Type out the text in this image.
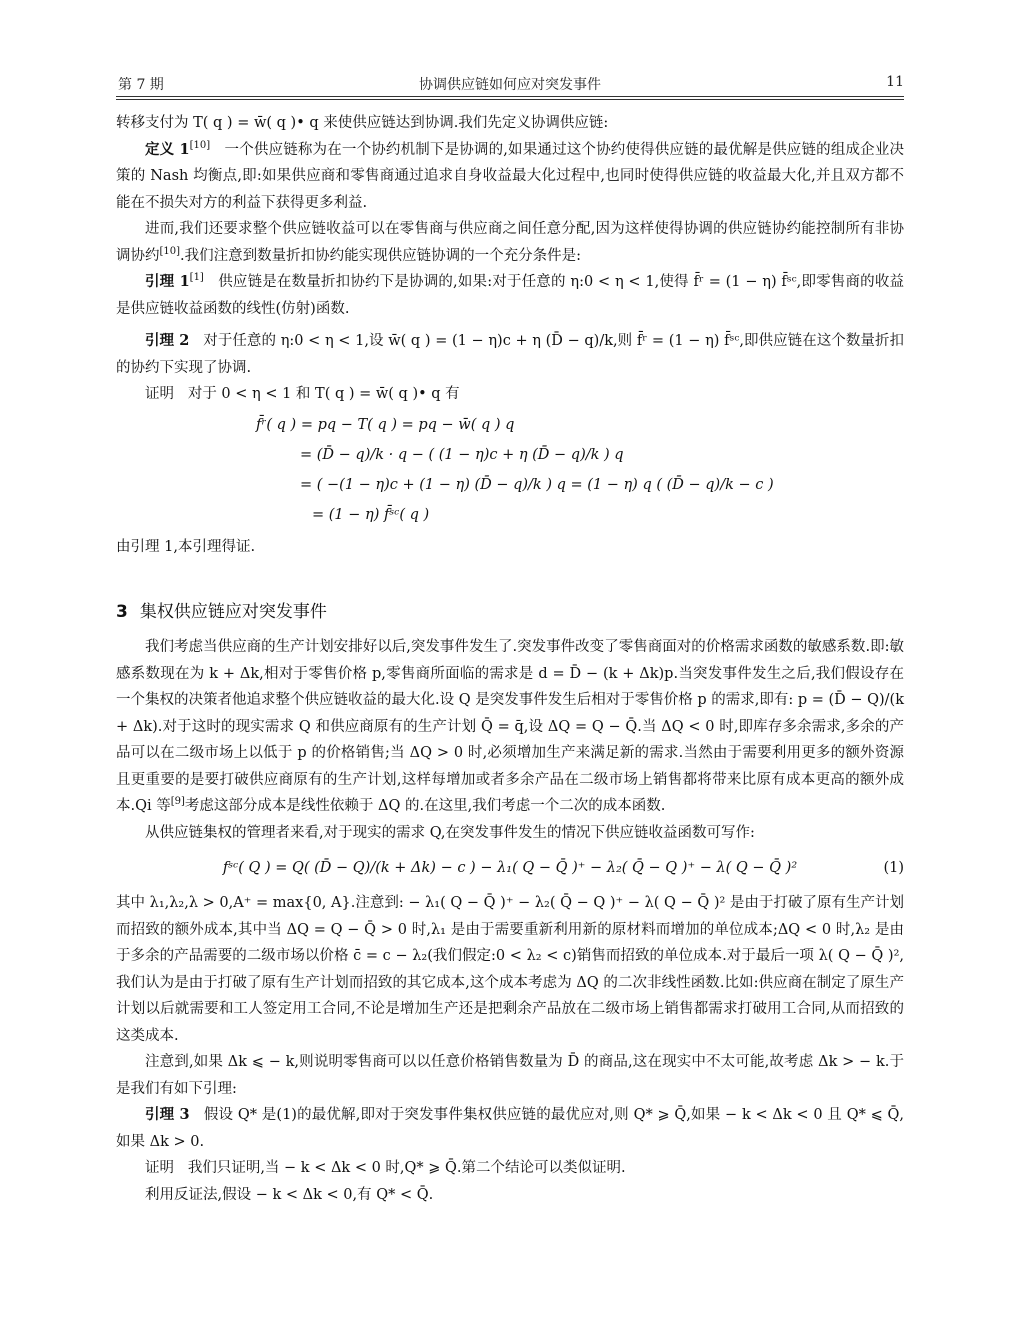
第 7 期	协调供应链如何应对突发事件	11

转移支付为 T( q ) = w̄( q )• q 来使供应链达到协调.我们先定义协调供应链:

定义 1[10] 一个供应链称为在一个协约机制下是协调的,如果通过这个协约使得供应链的最优解是供应链的组成企业决策的 Nash 均衡点,即:如果供应商和零售商通过追求自身收益最大化过程中,也同时使得供应链的收益最大化,并且双方都不能在不损失对方的利益下获得更多利益.

进而,我们还要求整个供应链收益可以在零售商与供应商之间任意分配,因为这样使得协调的供应链协约能控制所有非协调协约[10].我们注意到数量折扣协约能实现供应链协调的一个充分条件是:

引理 1[1] 供应链是在数量折扣协约下是协调的,如果:对于任意的 η:0 < η < 1,使得 f̄ʳ = (1 − η) f̄ˢᶜ,即零售商的收益是供应链收益函数的线性(仿射)函数.

引理 2 对于任意的 η:0 < η < 1,设 w̄( q ) = (1 − η)c + η (D̄ − q)/k,则 f̄ʳ = (1 − η) f̄ˢᶜ,即供应链在这个数量折扣的协约下实现了协调.

证明 对于 0 < η < 1 和 T( q ) = w̄( q )• q 有

f̄ʳ( q ) = pq − T( q ) = pq − w̄( q ) q
= (D̄ − q)/k · q − ( (1 − η)c + η (D̄ − q)/k ) q
= ( −(1 − η)c + (1 − η) (D̄ − q)/k ) q = (1 − η) q ( (D̄ − q)/k − c )
= (1 − η) f̄ˢᶜ( q )

由引理 1,本引理得证.

3 集权供应链应对突发事件

我们考虑当供应商的生产计划安排好以后,突发事件发生了.突发事件改变了零售商面对的价格需求函数的敏感系数.即:敏感系数现在为 k + Δk,相对于零售价格 p,零售商所面临的需求是 d = D̄ − (k + Δk)p.当突发事件发生之后,我们假设存在一个集权的决策者他追求整个供应链收益的最大化.设 Q 是突发事件发生后相对于零售价格 p 的需求,即有: p = (D̄ − Q)/(k + Δk).对于这时的现实需求 Q 和供应商原有的生产计划 Q̄ = q̄,设 ΔQ = Q − Q̄.当 ΔQ < 0 时,即库存多余需求,多余的产品可以在二级市场上以低于 p 的价格销售;当 ΔQ > 0 时,必须增加生产来满足新的需求.当然由于需要利用更多的额外资源且更重要的是要打破供应商原有的生产计划,这样每增加或者多余产品在二级市场上销售都将带来比原有成本更高的额外成本.Qi 等[9]考虑这部分成本是线性依赖于 ΔQ 的.在这里,我们考虑一个二次的成本函数.

从供应链集权的管理者来看,对于现实的需求 Q,在突发事件发生的情况下供应链收益函数可写作:

fˢᶜ( Q ) = Q( (D̄ − Q)/(k + Δk) − c ) − λ₁( Q − Q̄ )⁺ − λ₂( Q̄ − Q )⁺ − λ( Q − Q̄ )²	(1)

其中 λ₁,λ₂,λ > 0,A⁺ = max{0, A}.注意到: − λ₁( Q − Q̄ )⁺ − λ₂( Q̄ − Q )⁺ − λ( Q − Q̄ )² 是由于打破了原有生产计划而招致的额外成本,其中当 ΔQ = Q − Q̄ > 0 时,λ₁ 是由于需要重新利用新的原材料而增加的单位成本;ΔQ < 0 时,λ₂ 是由于多余的产品需要的二级市场以价格 c̄ = c − λ₂(我们假定:0 < λ₂ < c)销售而招致的单位成本.对于最后一项 λ( Q − Q̄ )²,我们认为是由于打破了原有生产计划而招致的其它成本,这个成本考虑为 ΔQ 的二次非线性函数.比如:供应商在制定了原生产计划以后就需要和工人签定用工合同,不论是增加生产还是把剩余产品放在二级市场上销售都需求打破用工合同,从而招致的这类成本.

注意到,如果 Δk ⩽ − k,则说明零售商可以以任意价格销售数量为 D̄ 的商品,这在现实中不太可能,故考虑 Δk > − k.于是我们有如下引理:

引理 3 假设 Q* 是(1)的最优解,即对于突发事件集权供应链的最优应对,则 Q* ⩾ Q̄,如果 − k < Δk < 0 且 Q* ⩽ Q̄,如果 Δk > 0.

证明 我们只证明,当 − k < Δk < 0 时,Q* ⩾ Q̄.第二个结论可以类似证明.

利用反证法,假设 − k < Δk < 0,有 Q* < Q̄.
